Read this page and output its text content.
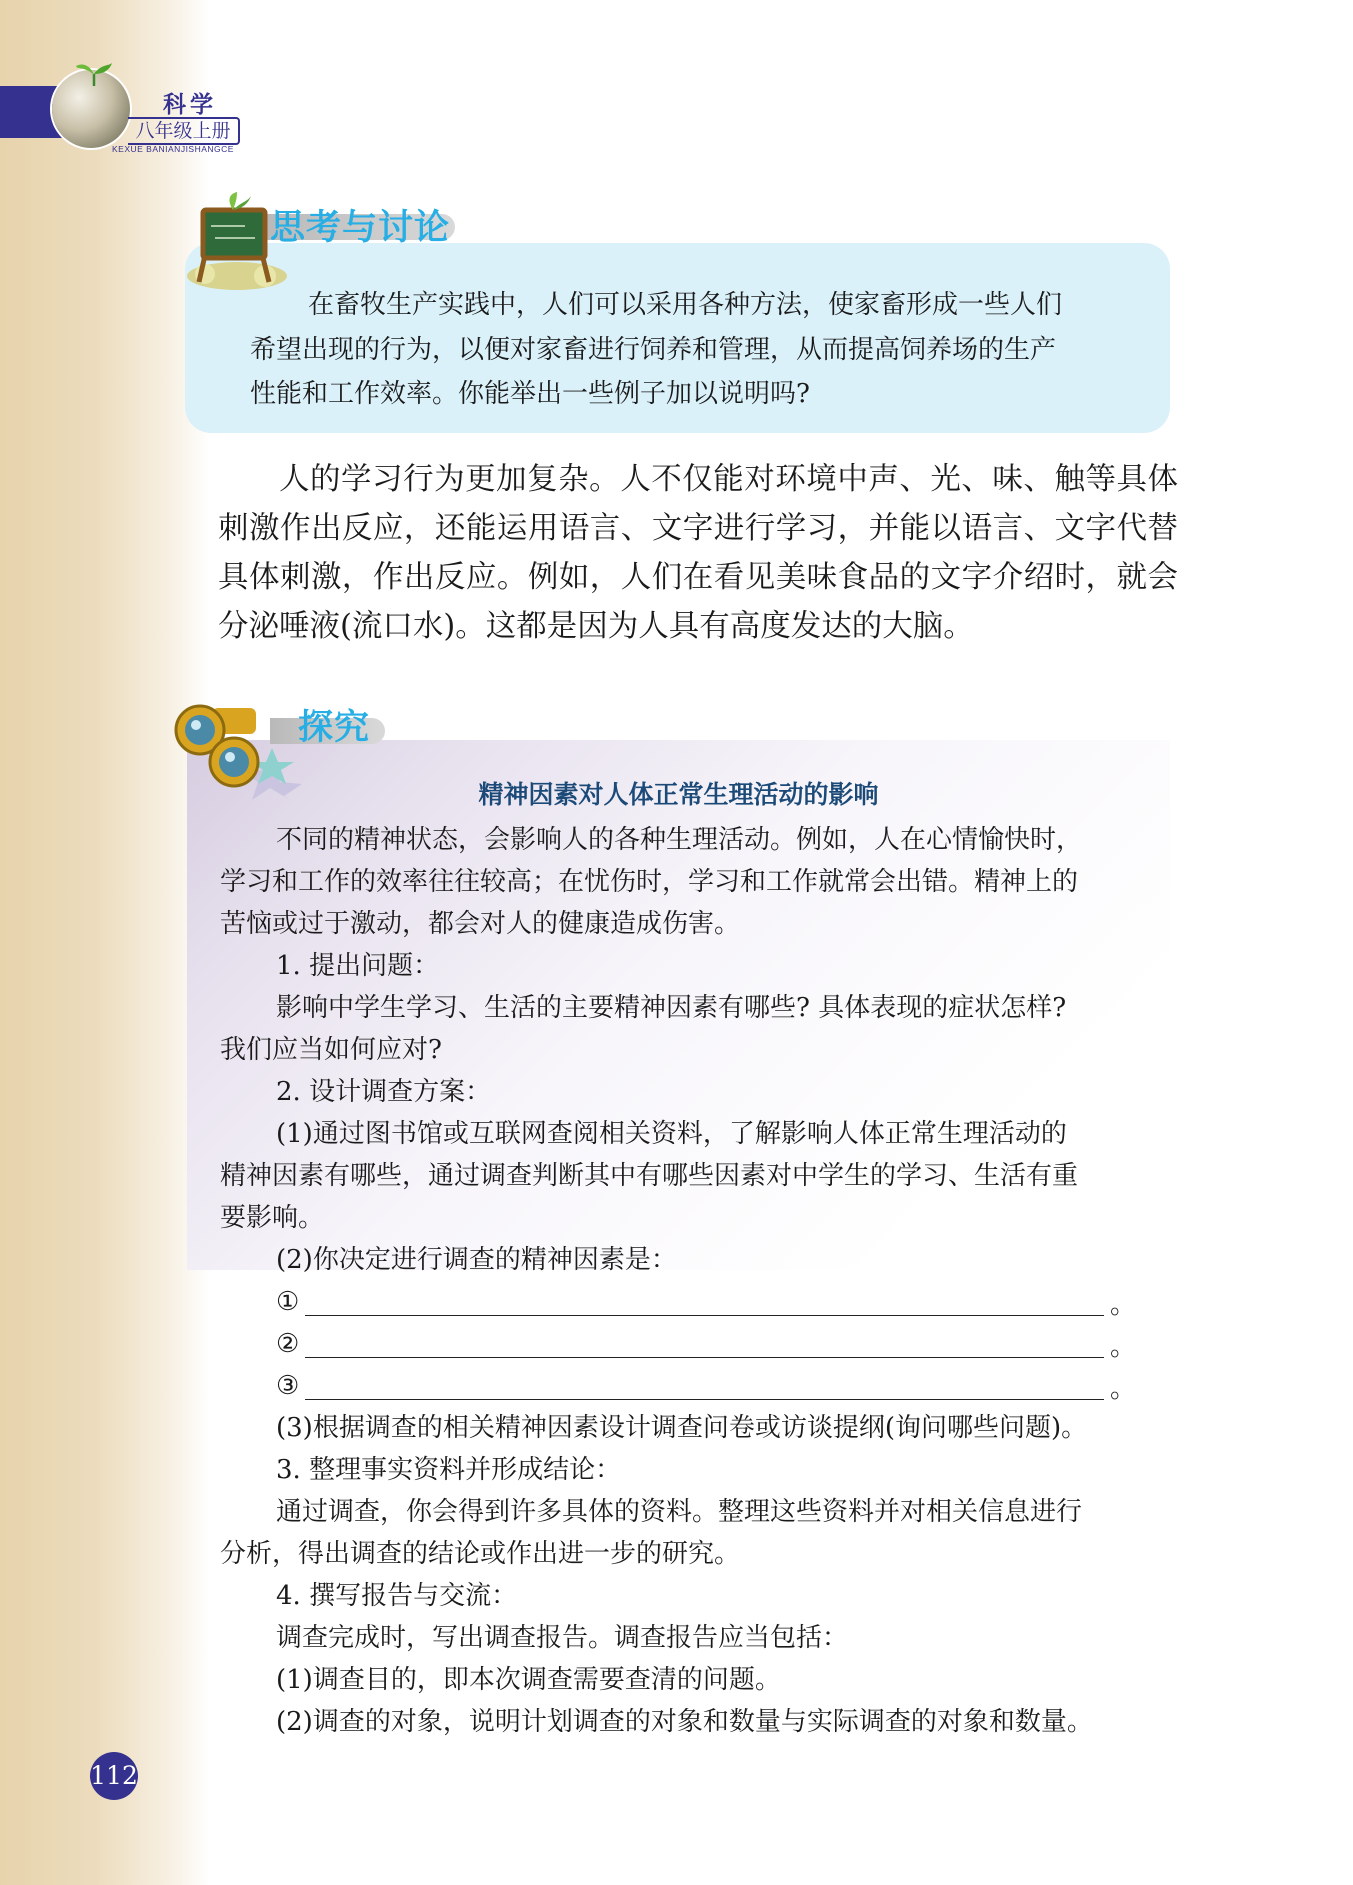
科学
八年级上册
KEXUE BANIANJISHANGCE
思考与讨论

在畜牧生产实践中，人们可以采用各种方法，使家畜形成一些人们

希望出现的行为，以便对家畜进行饲养和管理，从而提高饲养场的生产

性能和工作效率。你能举出一些例子加以说明吗?

人的学习行为更加复杂。人不仅能对环境中声、光、味、触等具体刺激作出反应，还能运用语言、文字进行学习，并能以语言、文字代替具体刺激，作出反应。例如，人们在看见美味食品的文字介绍时，就会分泌唾液(流口水)。这都是因为人具有高度发达的大脑。

探究
精神因素对人体正常生理活动的影响

不同的精神状态，会影响人的各种生理活动。例如，人在心情愉快时，

学习和工作的效率往往较高；在忧伤时，学习和工作就常会出错。精神上的

苦恼或过于激动，都会对人的健康造成伤害。

1. 提出问题：

影响中学生学习、生活的主要精神因素有哪些? 具体表现的症状怎样?

我们应当如何应对?

2. 设计调查方案：

(1)通过图书馆或互联网查阅相关资料，了解影响人体正常生理活动的

精神因素有哪些，通过调查判断其中有哪些因素对中学生的学习、生活有重

要影响。

(2)你决定进行调查的精神因素是：

①	。
②	。
③	。

(3)根据调查的相关精神因素设计调查问卷或访谈提纲(询问哪些问题)。

3. 整理事实资料并形成结论：

通过调查，你会得到许多具体的资料。整理这些资料并对相关信息进行

分析，得出调查的结论或作出进一步的研究。

4. 撰写报告与交流：

调查完成时，写出调查报告。调查报告应当包括：

(1)调查目的，即本次调查需要查清的问题。

(2)调查的对象，说明计划调查的对象和数量与实际调查的对象和数量。

112
